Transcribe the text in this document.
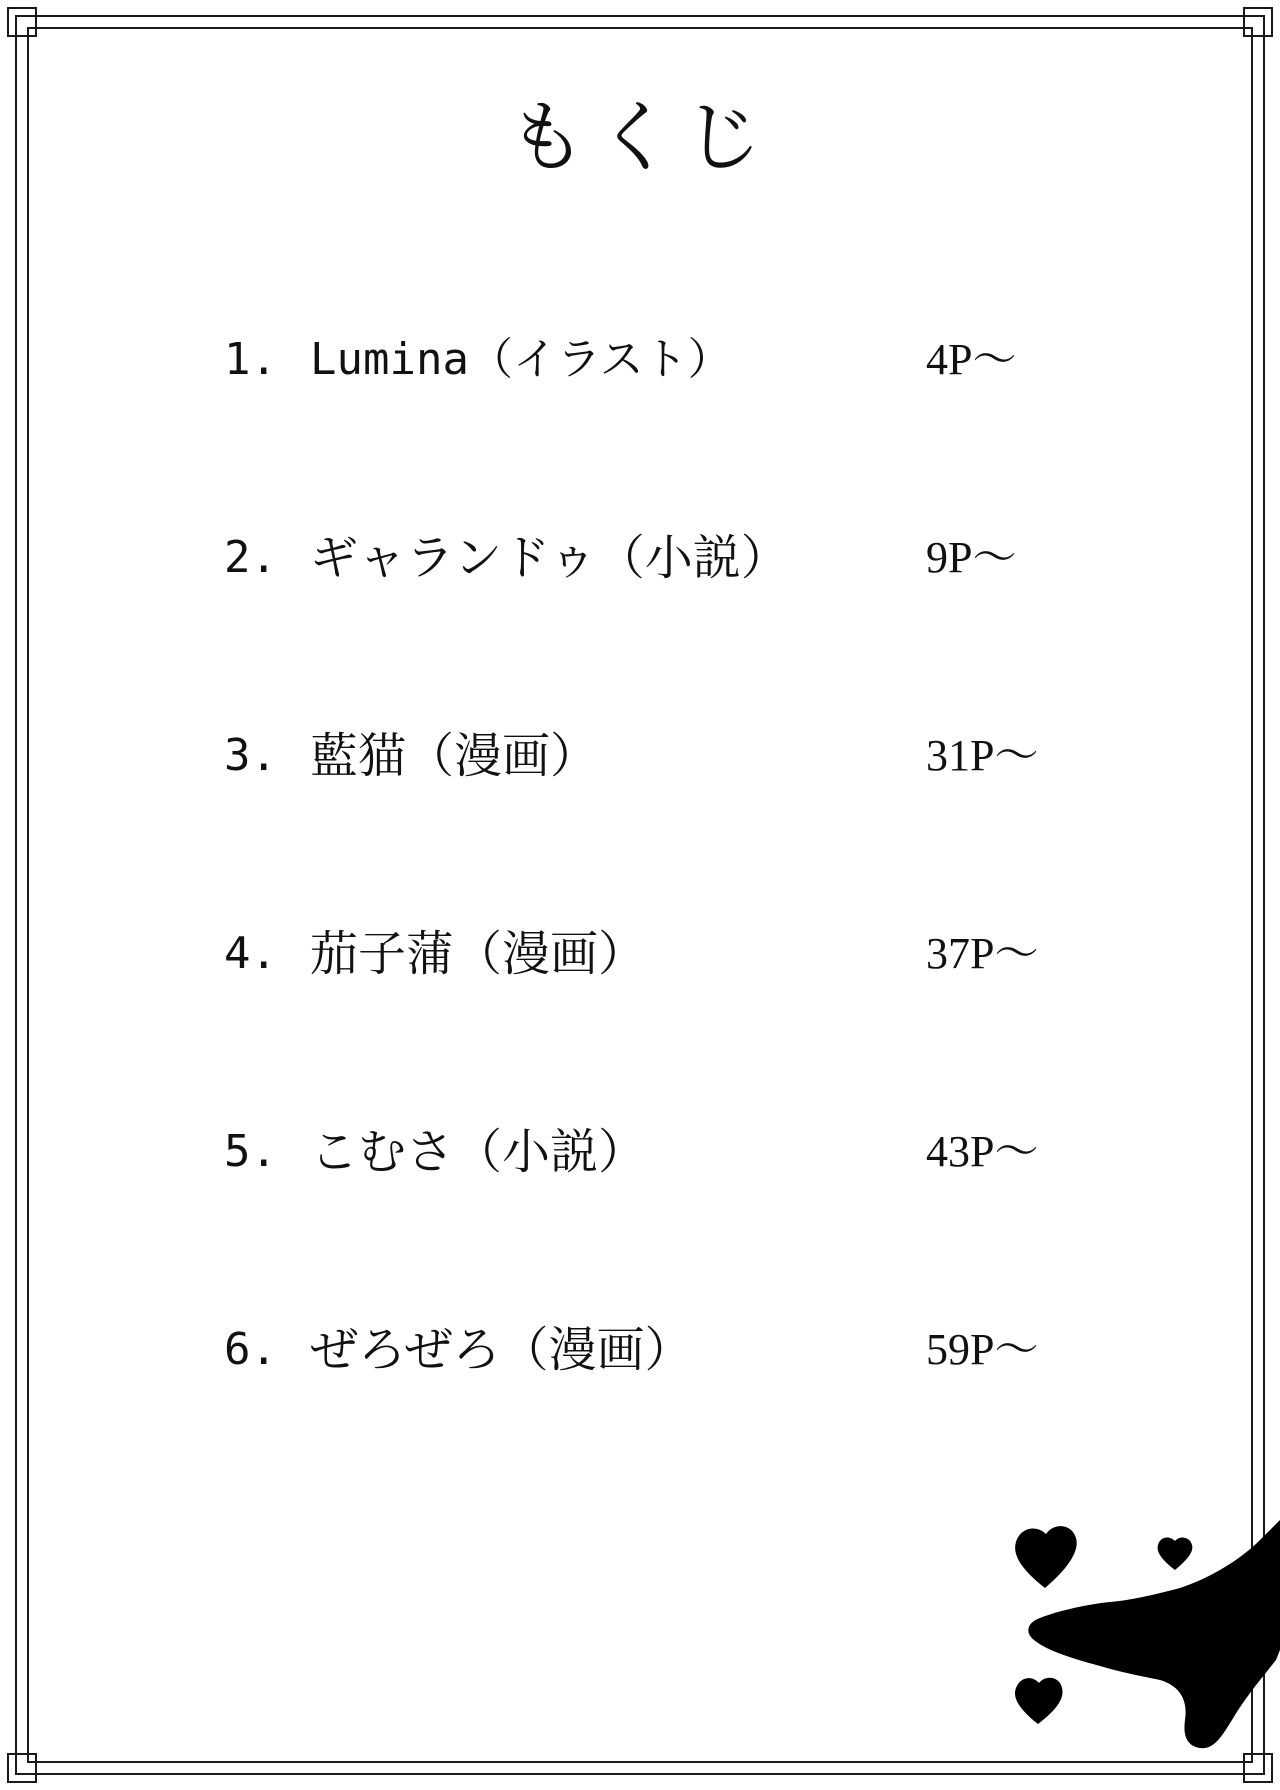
もくじ
1. Lumina（イラスト）	4P～
2. ギャランドゥ（小説）	9P～
3. 藍猫（漫画）	31P～
4. 茄子蒲（漫画）	37P～
5. こむさ（小説）	43P～
6. ぜろぜろ（漫画）	59P～
